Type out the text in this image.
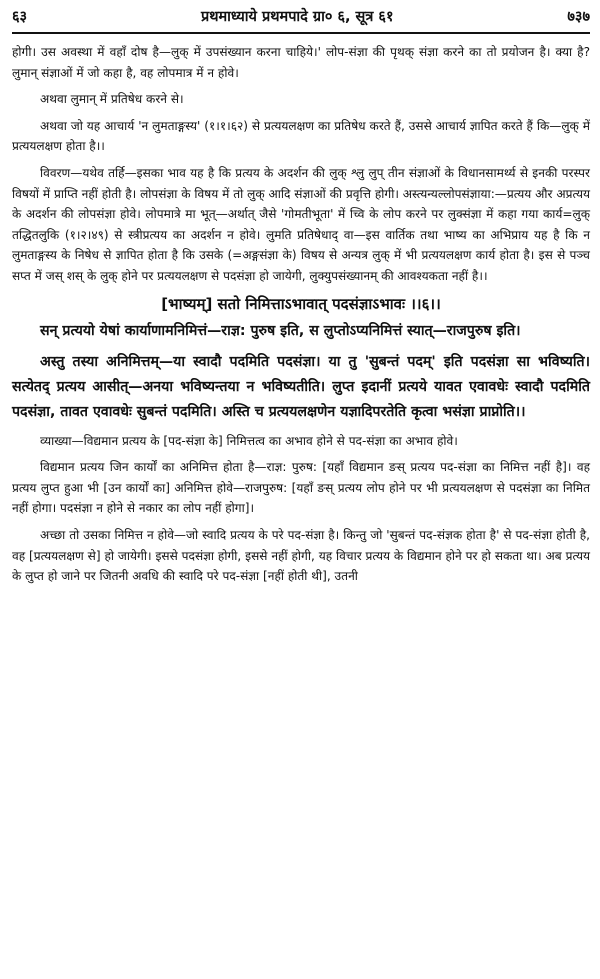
६३	प्रथमाध्याये प्रथमपादे ग्रा० ६, सूत्र ६१	७३७

होगी। उस अवस्था में वहाँ दोष है—लुक् में उपसंख्यान करना चाहिये।' लोप-संज्ञा की पृथक् संज्ञा करने का तो प्रयोजन है। क्या है? लुमान् संज्ञाओं में जो कहा है, वह लोपमात्र में न होवे।

अथवा लुमान् में प्रतिषेध करने से।

अथवा जो यह आचार्य 'न लुमताङ्गस्य' (१।१।६२) से प्रत्ययलक्षण का प्रतिषेध करते हैं, उससे आचार्य ज्ञापित करते हैं कि—लुक् में प्रत्ययलक्षण होता है।।

विवरण—यथेव तर्हि—इसका भाव यह है कि प्रत्यय के अदर्शन की लुक् श्लु लुप् तीन संज्ञाओं के विधानसामर्थ्य से इनकी परस्पर विषयों में प्राप्ति नहीं होती है। लोपसंज्ञा के विषय में तो लुक् आदि संज्ञाओं की प्रवृत्ति होगी। अस्त्यन्यल्लोपसंज्ञाया:—प्रत्यय और अप्रत्यय के अदर्शन की लोपसंज्ञा होवे। लोपमात्रे मा भूत्—अर्थात् जैसे 'गोमतीभूता' में च्वि के लोप करने पर लुक्संज्ञा में कहा गया कार्य=लुक् तद्धितलुकि (१।२।४९) से स्त्रीप्रत्यय का अदर्शन न होवे। लुमति प्रतिषेधाद् वा—इस वार्तिक तथा भाष्य का अभिप्राय यह है कि न लुमताङ्गस्य के निषेध से ज्ञापित होता है कि उसके (=अङ्गसंज्ञा के) विषय से अन्यत्र लुक् में भी प्रत्ययलक्षण कार्य होता है। इस से पञ्च सप्त में जस् शस् के लुक् होने पर प्रत्ययलक्षण से पदसंज्ञा हो जायेगी, लुक्युपसंख्यानम् की आवश्यकता नहीं है।।

[भाष्यम्] सतो निमित्ताऽभावात् पदसंज्ञाऽभावः ।।६।।

सन् प्रत्ययो येषां कार्याणामनिमित्तं—राज्ञ: पुरुष इति, स लुप्तोऽप्यनिमित्तं स्यात्—राजपुरुष इति।

अस्तु तस्या अनिमित्तम्—या स्वादौ पदमिति पदसंज्ञा। या तु 'सुबन्तं पदम्' इति पदसंज्ञा सा भविष्यति। सत्येतद् प्रत्यय आसीत्—अनया भविष्यन्तया न भविष्यतीति। लुप्त इदानीं प्रत्यये यावत एवावधेः स्वादौ पदमिति पदसंज्ञा, तावत एवावधेः सुबन्तं पदमिति। अस्ति च प्रत्ययलक्षणेन यज्ञादिपरतेति कृत्वा भसंज्ञा प्राप्नोति।।

व्याख्या—विद्यमान प्रत्यय के [पद-संज्ञा के] निमित्तत्व का अभाव होने से पद-संज्ञा का अभाव होवे।

विद्यमान प्रत्यय जिन कार्यों का अनिमित्त होता है—राज्ञ: पुरुष: [यहाँ विद्यमान ङस् प्रत्यय पद-संज्ञा का निमित्त नहीं है]। वह प्रत्यय लुप्त हुआ भी [उन कार्यों का] अनिमित्त होवे—राजपुरुष: [यहाँ ङस् प्रत्यय लोप होने पर भी प्रत्ययलक्षण से पदसंज्ञा का निमित नहीं होगा। पदसंज्ञा न होने से नकार का लोप नहीं होगा]।

अच्छा तो उसका निमित्त न होवे—जो स्वादि प्रत्यय के परे पद-संज्ञा है। किन्तु जो 'सुबन्तं पद-संज्ञक होता है' से पद-संज्ञा होती है, वह [प्रत्ययलक्षण से] हो जायेगी। इससे पदसंज्ञा होगी, इससे नहीं होगी, यह विचार प्रत्यय के विद्यमान होने पर हो सकता था। अब प्रत्यय के लुप्त हो जाने पर जितनी अवधि की स्वादि परे पद-संज्ञा [नहीं होती थी], उतनी
